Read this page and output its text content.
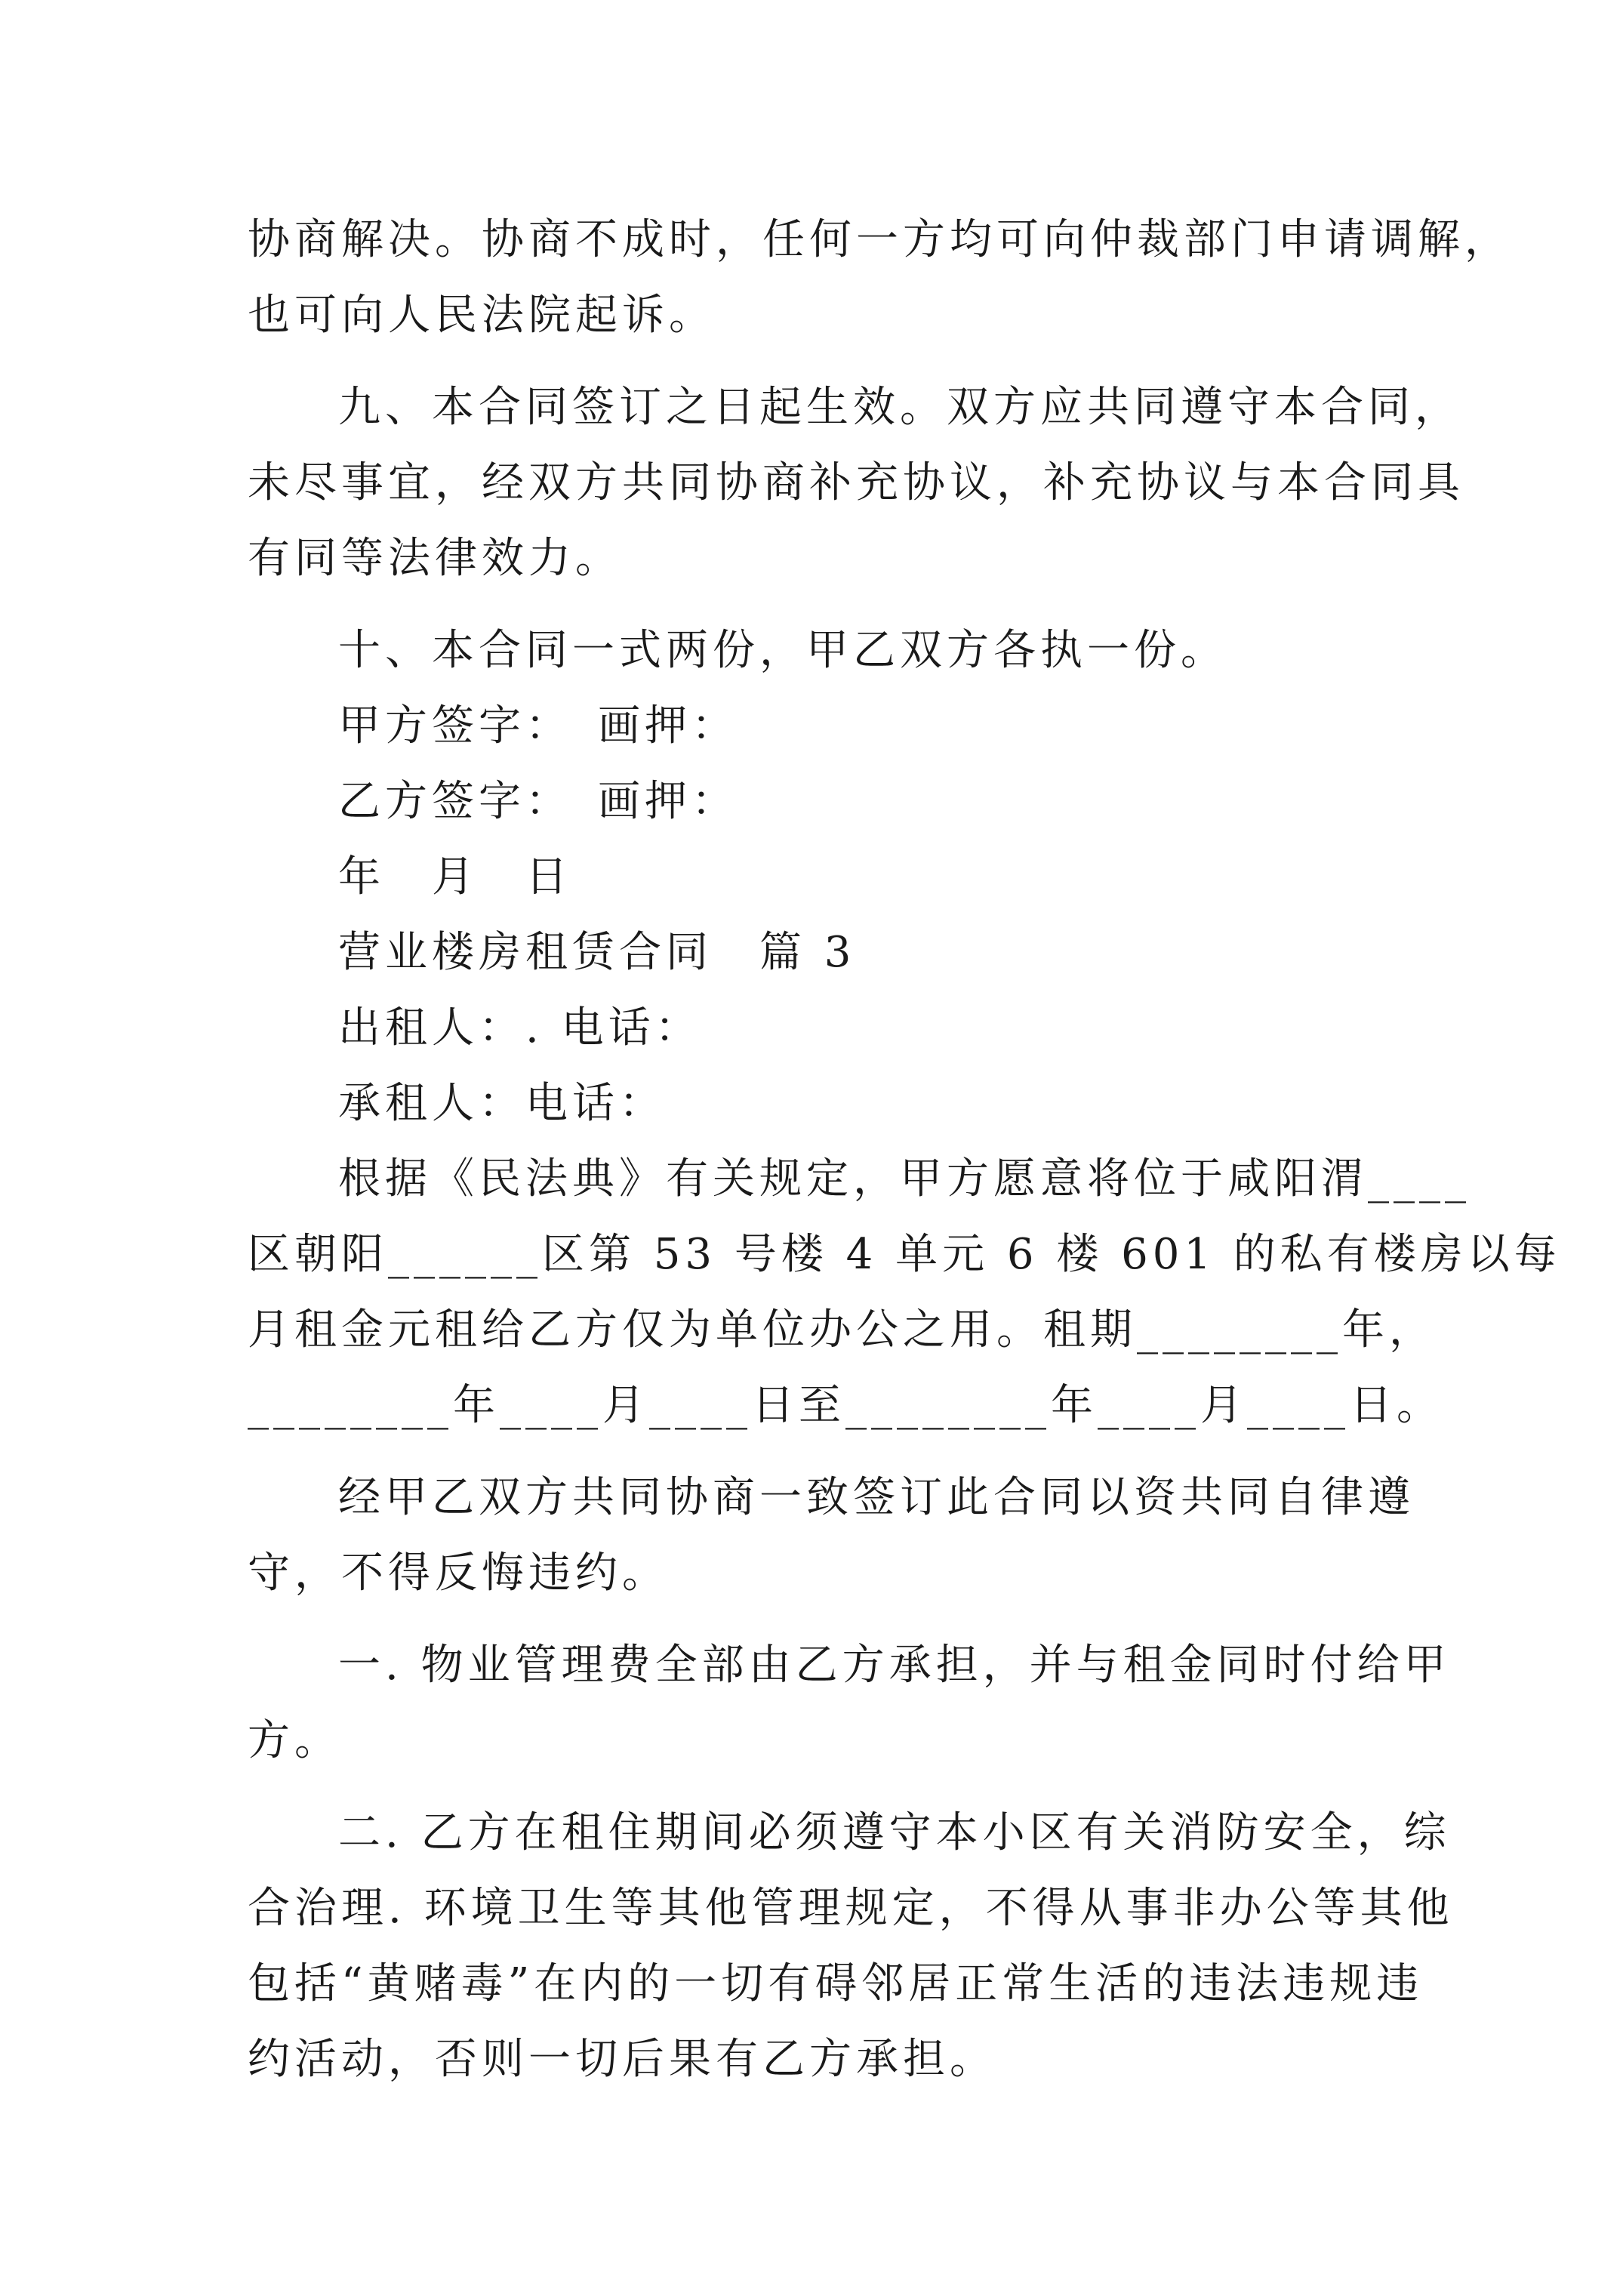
协商解决。协商不成时，任何一方均可向仲裁部门申请调解，
也可向人民法院起诉。
九、本合同签订之日起生效。双方应共同遵守本合同，
未尽事宜，经双方共同协商补充协议，补充协议与本合同具
有同等法律效力。
十、本合同一式两份，甲乙双方各执一份。
甲方签字：　画押：
乙方签字：　画押：
年　月　日
营业楼房租赁合同　篇 3
出租人：. 电话：
承租人：电话：
根据《民法典》有关规定，甲方愿意将位于咸阳渭____
区朝阳______区第 53 号楼 4 单元 6 楼 601 的私有楼房以每
月租金元租给乙方仅为单位办公之用。租期________年，
________年____月____日至________年____月____日。
经甲乙双方共同协商一致签订此合同以资共同自律遵
守，不得反悔违约。
一. 物业管理费全部由乙方承担，并与租金同时付给甲
方。
二. 乙方在租住期间必须遵守本小区有关消防安全，综
合治理. 环境卫生等其他管理规定，不得从事非办公等其他
包括“黄赌毒”在内的一切有碍邻居正常生活的违法违规违
约活动，否则一切后果有乙方承担。
